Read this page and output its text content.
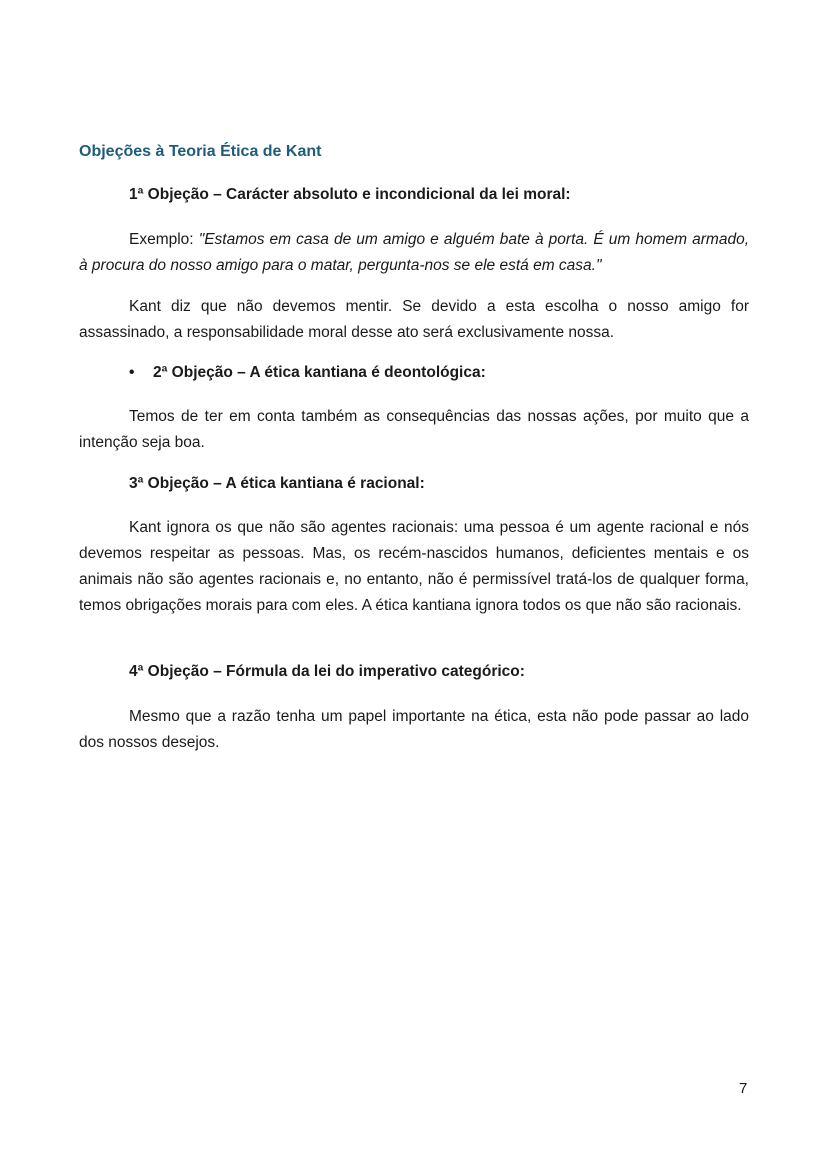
Objeções à Teoria Ética de Kant
1ª Objeção – Carácter absoluto e incondicional da lei moral:

Exemplo: "Estamos em casa de um amigo e alguém bate à porta. É um homem armado, à procura do nosso amigo para o matar, pergunta-nos se ele está em casa."

Kant diz que não devemos mentir. Se devido a esta escolha o nosso amigo for assassinado, a responsabilidade moral desse ato será exclusivamente nossa.

• 2ª Objeção – A ética kantiana é deontológica:

Temos de ter em conta também as consequências das nossas ações, por muito que a intenção seja boa.

3ª Objeção – A ética kantiana é racional:

Kant ignora os que não são agentes racionais: uma pessoa é um agente racional e nós devemos respeitar as pessoas. Mas, os recém-nascidos humanos, deficientes mentais e os animais não são agentes racionais e, no entanto, não é permissível tratá-los de qualquer forma, temos obrigações morais para com eles. A ética kantiana ignora todos os que não são racionais.

4ª Objeção – Fórmula da lei do imperativo categórico:

Mesmo que a razão tenha um papel importante na ética, esta não pode passar ao lado dos nossos desejos.

7
